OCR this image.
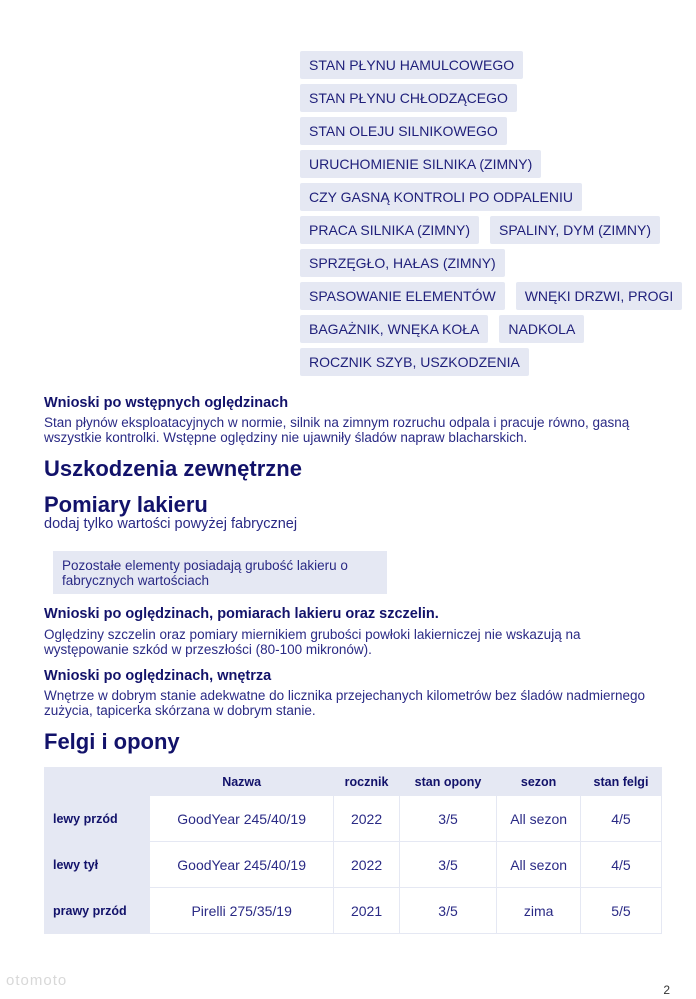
STAN PŁYNU HAMULCOWEGO
STAN PŁYNU CHŁODZĄCEGO
STAN OLEJU SILNIKOWEGO
URUCHOMIENIE SILNIKA (ZIMNY)
CZY GASNĄ KONTROLI PO ODPALENIU
PRACA SILNIKA (ZIMNY)	SPALINY, DYM (ZIMNY)
SPRZĘGŁO, HAŁAS (ZIMNY)
SPASOWANIE ELEMENTÓW	WNĘKI DRZWI, PROGI
BAGAŻNIK, WNĘKA KOŁA	NADKOLA
ROCZNIK SZYB, USZKODZENIA
Wnioski po wstępnych oględzinach
Stan płynów eksploatacyjnych w normie, silnik na zimnym rozruchu odpala i pracuje równo, gasną wszystkie kontrolki. Wstępne oględziny nie ujawniły śladów napraw blacharskich.
Uszkodzenia zewnętrzne
Pomiary lakieru
dodaj tylko wartości powyżej fabrycznej
Pozostałe elementy posiadają grubość lakieru o fabrycznych wartościach
Wnioski po oględzinach, pomiarach lakieru oraz szczelin.
Oględziny szczelin oraz pomiary miernikiem grubości powłoki lakierniczej nie wskazują na występowanie szkód w przeszłości (80-100 mikronów).
Wnioski po oględzinach, wnętrza
Wnętrze w dobrym stanie adekwatne do licznika przejechanych kilometrów bez śladów nadmiernego zużycia, tapicerka skórzana w dobrym stanie.
Felgi i opony
	Nazwa	rocznik	stan opony	sezon	stan felgi
lewy przód	GoodYear 245/40/19	2022	3/5	All sezon	4/5
lewy tył	GoodYear 245/40/19	2022	3/5	All sezon	4/5
prawy przód	Pirelli 275/35/19	2021	3/5	zima	5/5
otomoto
2
